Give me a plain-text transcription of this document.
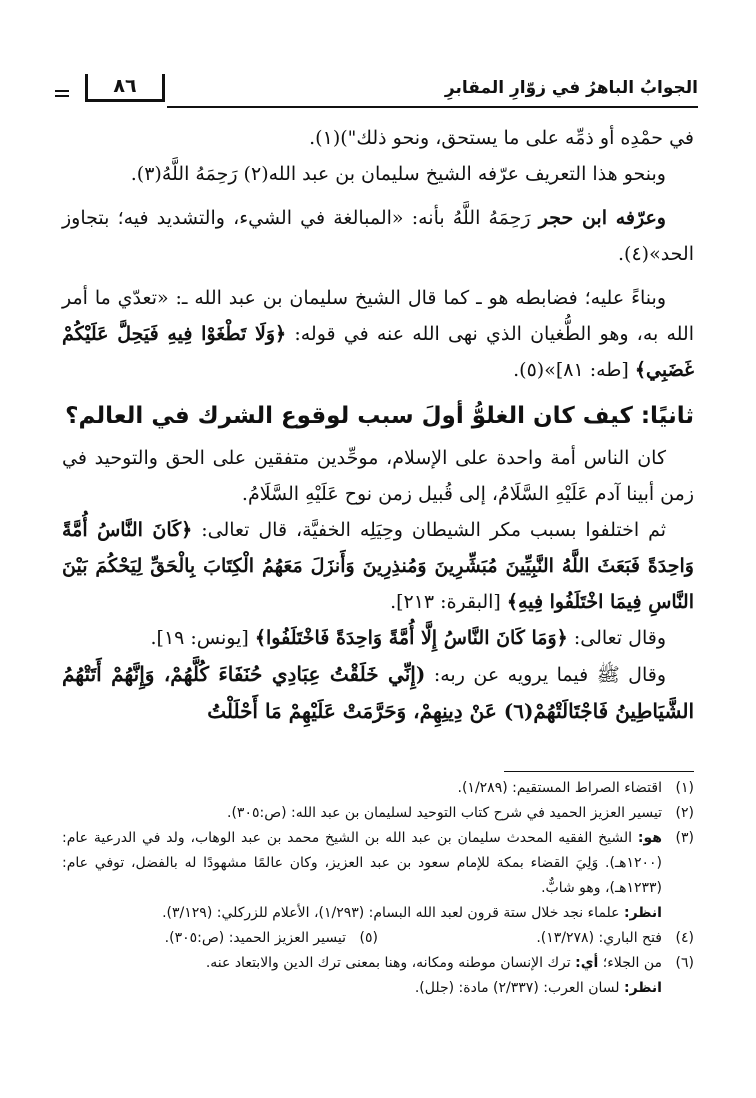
الجوابُ الباهرُ في زوّارِ المقابرِ
٨٦

في حمْدِه أو ذمِّه على ما يستحق، ونحو ذلك")(١).

وبنحو هذا التعريف عرّفه الشيخ سليمان بن عبد الله(٢) رَحِمَهُ اللَّهُ(٣).

وعرّفه ابن حجر رَحِمَهُ اللَّهُ بأنه: «المبالغة في الشيء، والتشديد فيه؛ بتجاوز الحد»(٤).

وبناءً عليه؛ فضابطه هو ـ كما قال الشيخ سليمان بن عبد الله ـ: «تعدّي ما أمر الله به، وهو الطُّغيان الذي نهى الله عنه في قوله: ﴿وَلَا تَطْغَوْا فِيهِ فَيَحِلَّ عَلَيْكُمْ غَضَبِي﴾ [طه: ٨١]»(٥).

ثانيًا: كيف كان الغلوُّ أولَ سبب لوقوع الشرك في العالم؟

كان الناس أمة واحدة على الإسلام، موحِّدين متفقين على الحق والتوحيد في زمن أبينا آدم عَلَيْهِ السَّلَامُ، إلى قُبيل زمن نوح عَلَيْهِ السَّلَامُ.

ثم اختلفوا بسبب مكر الشيطان وحِيَلِه الخفيَّة، قال تعالى: ﴿كَانَ النَّاسُ أُمَّةً وَاحِدَةً فَبَعَثَ اللَّهُ النَّبِيِّينَ مُبَشِّرِينَ وَمُنذِرِينَ وَأَنزَلَ مَعَهُمُ الْكِتَابَ بِالْحَقِّ لِيَحْكُمَ بَيْنَ النَّاسِ فِيمَا اخْتَلَفُوا فِيهِ﴾ [البقرة: ٢١٣].

وقال تعالى: ﴿وَمَا كَانَ النَّاسُ إِلَّا أُمَّةً وَاحِدَةً فَاخْتَلَفُوا﴾ [يونس: ١٩].

وقال ﷺ فيما يرويه عن ربه: (إِنِّي خَلَقْتُ عِبَادِي حُنَفَاءَ كُلَّهُمْ، وَإِنَّهُمْ أَتَتْهُمُ الشَّيَاطِينُ فَاجْتَالَتْهُمْ(٦) عَنْ دِينِهِمْ، وَحَرَّمَتْ عَلَيْهِمْ مَا أَحْلَلْتُ

(١)
اقتضاء الصراط المستقيم: (١/٢٨٩).
(٢)
تيسير العزيز الحميد في شرح كتاب التوحيد لسليمان بن عبد الله: (ص:٣٠٥).
(٣)
هو: الشيخ الفقيه المحدث سليمان بن عبد الله بن الشيخ محمد بن عبد الوهاب، ولد في الدرعية عام: (١٢٠٠هـ). وَلِيَ القضاء بمكة للإمام سعود بن عبد العزيز، وكان عالمًا مشهودًا له بالفضل، توفي عام: (١٢٣٣هـ)، وهو شابٌّ.
انظر: علماء نجد خلال ستة قرون لعبد الله البسام: (١/٢٩٣)، الأعلام للزركلي: (٣/١٢٩).
(٤)
فتح الباري: (١٣/٢٧٨).
(٥)
تيسير العزيز الحميد: (ص:٣٠٥).
(٦)
من الجلاء؛ أي: ترك الإنسان موطنه ومكانه، وهنا بمعنى ترك الدين والابتعاد عنه.
انظر: لسان العرب: (٢/٣٣٧) مادة: (جلل).
